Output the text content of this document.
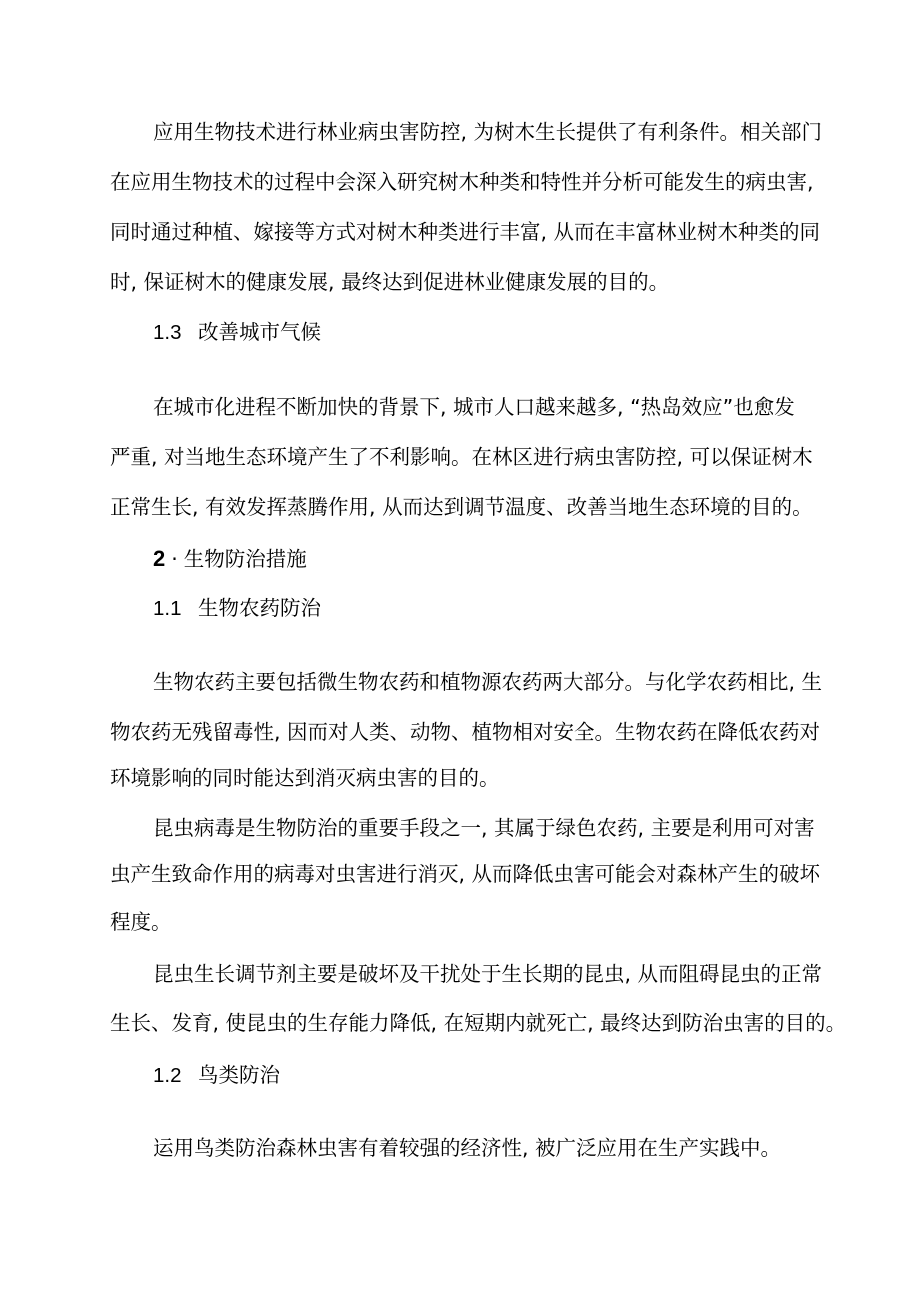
应用生物技术进行林业病虫害防控, 为树木生长提供了有利条件。相关部门
在应用生物技术的过程中会深入研究树木种类和特性并分析可能发生的病虫害,
同时通过种植、嫁接等方式对树木种类进行丰富, 从而在丰富林业树木种类的同
时, 保证树木的健康发展, 最终达到促进林业健康发展的目的。
1.3 改善城市气候
在城市化进程不断加快的背景下, 城市人口越来越多, “热岛效应”也愈发
严重, 对当地生态环境产生了不利影响。在林区进行病虫害防控, 可以保证树木
正常生长, 有效发挥蒸腾作用, 从而达到调节温度、改善当地生态环境的目的。
2 · 生物防治措施
1.1 生物农药防治
生物农药主要包括微生物农药和植物源农药两大部分。与化学农药相比, 生
物农药无残留毒性, 因而对人类、动物、植物相对安全。生物农药在降低农药对
环境影响的同时能达到消灭病虫害的目的。
昆虫病毒是生物防治的重要手段之一, 其属于绿色农药, 主要是利用可对害
虫产生致命作用的病毒对虫害进行消灭, 从而降低虫害可能会对森林产生的破坏
程度。
昆虫生长调节剂主要是破坏及干扰处于生长期的昆虫, 从而阻碍昆虫的正常
生长、发育, 使昆虫的生存能力降低, 在短期内就死亡, 最终达到防治虫害的目的。
1.2 鸟类防治
运用鸟类防治森林虫害有着较强的经济性, 被广泛应用在生产实践中。
